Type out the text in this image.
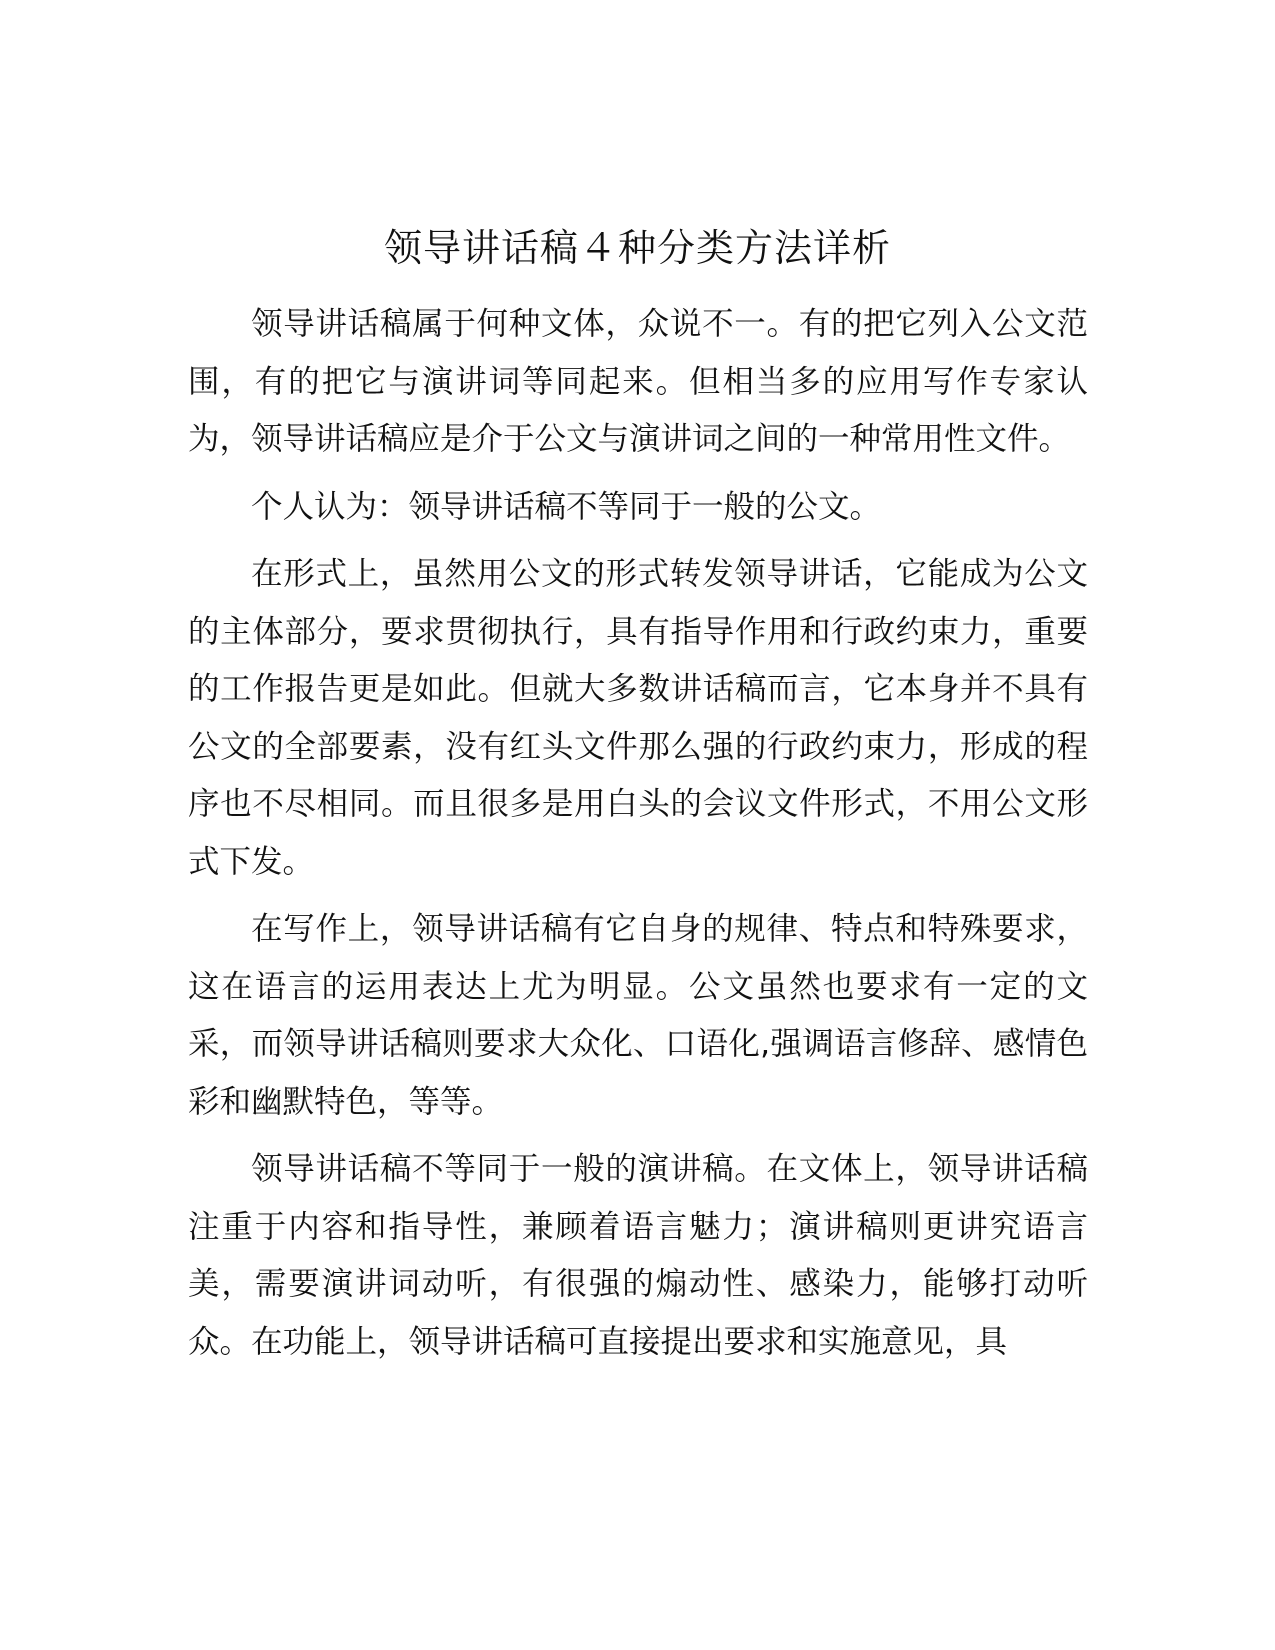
领导讲话稿４种分类方法详析

领导讲话稿属于何种文体，众说不一。有的把它列入公文范围，有的把它与演讲词等同起来。但相当多的应用写作专家认为，领导讲话稿应是介于公文与演讲词之间的一种常用性文件。

个人认为：领导讲话稿不等同于一般的公文。

在形式上，虽然用公文的形式转发领导讲话，它能成为公文的主体部分，要求贯彻执行，具有指导作用和行政约束力，重要的工作报告更是如此。但就大多数讲话稿而言，它本身并不具有公文的全部要素，没有红头文件那么强的行政约束力，形成的程序也不尽相同。而且很多是用白头的会议文件形式，不用公文形式下发。

在写作上，领导讲话稿有它自身的规律、特点和特殊要求，这在语言的运用表达上尤为明显。公文虽然也要求有一定的文采，而领导讲话稿则要求大众化、口语化,强调语言修辞、感情色彩和幽默特色，等等。

领导讲话稿不等同于一般的演讲稿。在文体上，领导讲话稿注重于内容和指导性，兼顾着语言魅力；演讲稿则更讲究语言美，需要演讲词动听，有很强的煽动性、感染力，能够打动听众。在功能上，领导讲话稿可直接提出要求和实施意见，具
